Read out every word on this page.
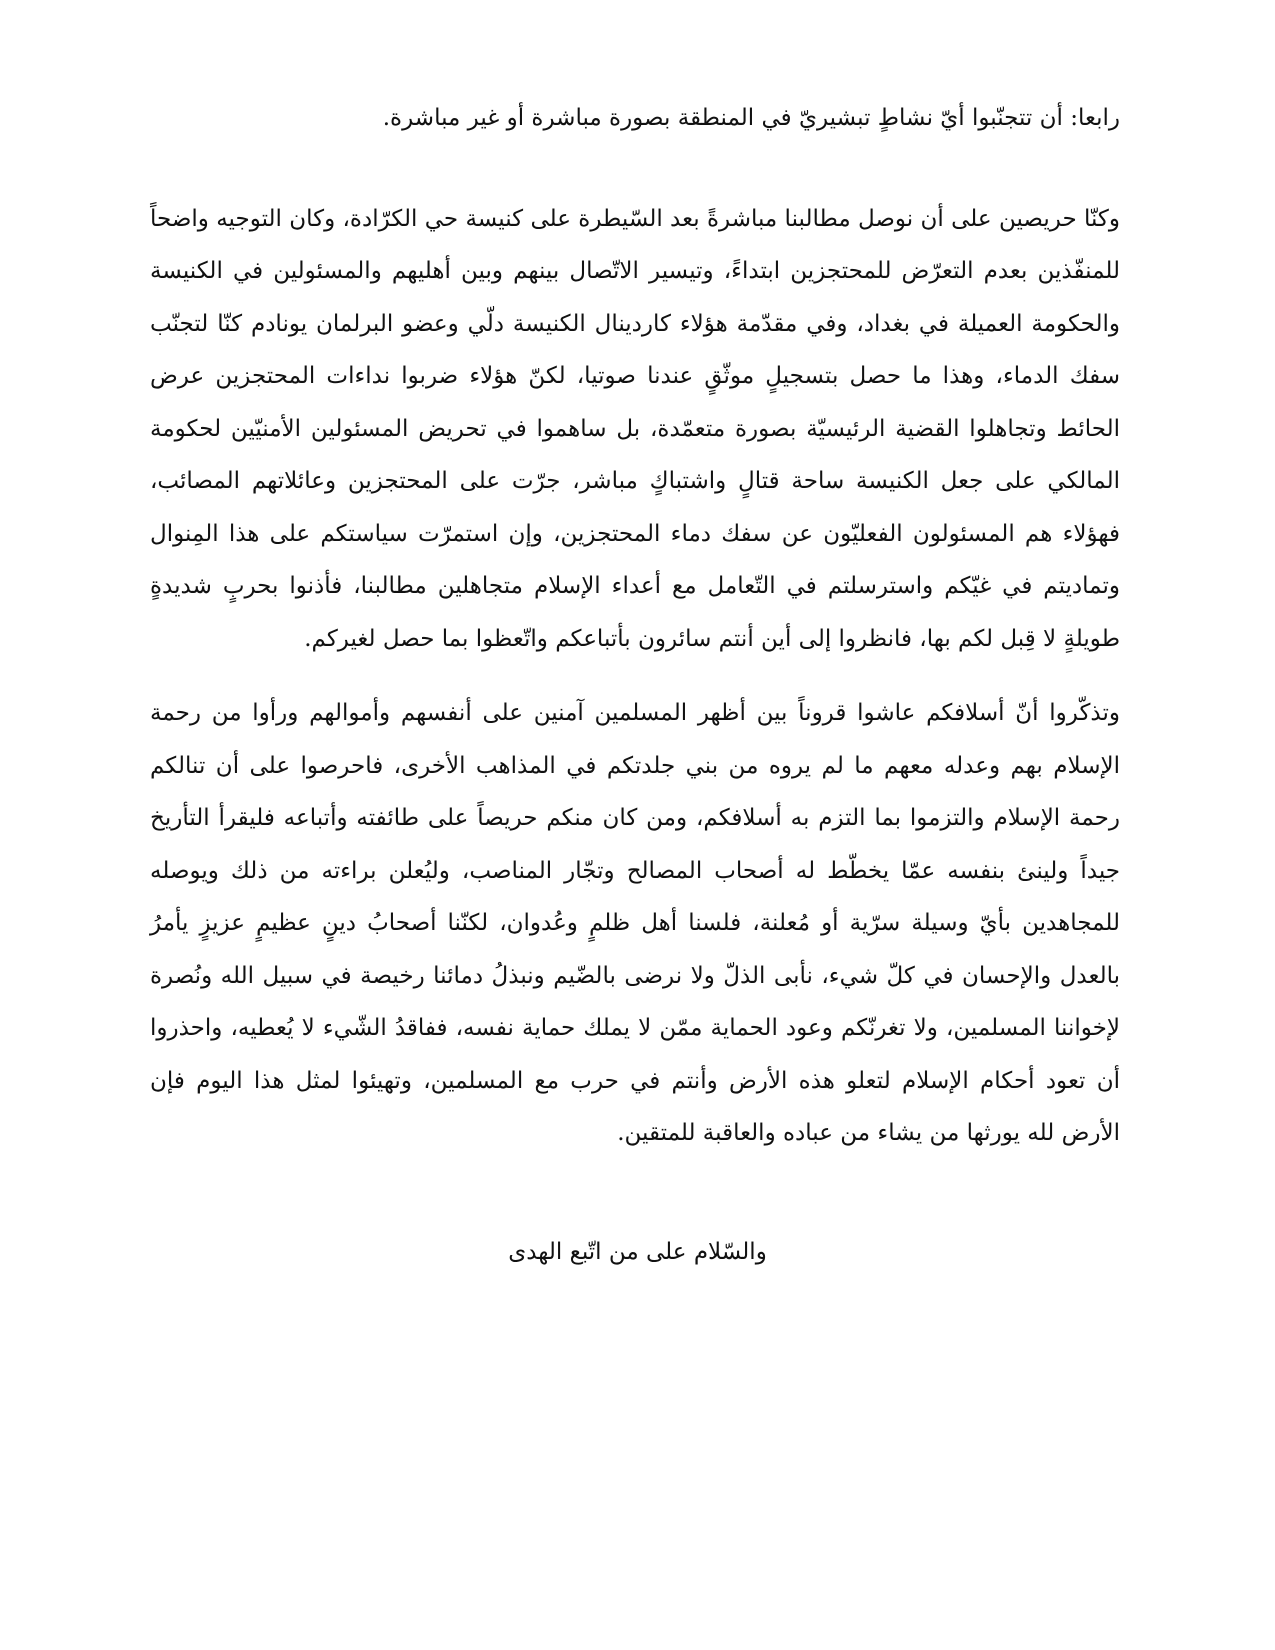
رابعا: أن تتجنّبوا أيّ نشاطٍ تبشيريّ في المنطقة بصورة مباشرة أو غير مباشرة.

وكنّا حريصين على أن نوصل مطالبنا مباشرةً بعد السّيطرة على كنيسة حي الكرّادة، وكان التوجيه واضحاً للمنفّذين بعدم التعرّض للمحتجزين ابتداءً، وتيسير الاتّصال بينهم وبين أهليهم والمسئولين في الكنيسة والحكومة العميلة في بغداد، وفي مقدّمة هؤلاء كاردينال الكنيسة دلّي وعضو البرلمان يونادم كنّا لتجنّب سفك الدماء، وهذا ما حصل بتسجيلٍ موثّقٍ عندنا صوتيا، لكنّ هؤلاء ضربوا نداءات المحتجزين عرض الحائط وتجاهلوا القضية الرئيسيّة بصورة متعمّدة، بل ساهموا في تحريض المسئولين الأمنيّين لحكومة المالكي على جعل الكنيسة ساحة قتالٍ واشتباكٍ مباشر، جرّت على المحتجزين وعائلاتهم المصائب، فهؤلاء هم المسئولون الفعليّون عن سفك دماء المحتجزين، وإن استمرّت سياستكم على هذا المِنوال وتماديتم في غيّكم واسترسلتم في التّعامل مع أعداء الإسلام متجاهلين مطالبنا، فأذنوا بحربٍ شديدةٍ طويلةٍ لا قِبل لكم بها، فانظروا إلى أين أنتم سائرون بأتباعكم واتّعظوا بما حصل لغيركم.

وتذكّروا أنّ أسلافكم عاشوا قروناً بين أظهر المسلمين آمنين على أنفسهم وأموالهم ورأوا من رحمة الإسلام بهم وعدله معهم ما لم يروه من بني جلدتكم في المذاهب الأخرى، فاحرصوا على أن تنالكم رحمة الإسلام والتزموا بما التزم به أسلافكم، ومن كان منكم حريصاً على طائفته وأتباعه فليقرأ التأريخ جيداً ولينئ بنفسه عمّا يخطّط له أصحاب المصالح وتجّار المناصب، وليُعلن براءته من ذلك ويوصله للمجاهدين بأيّ وسيلة سرّية أو مُعلنة، فلسنا أهل ظلمٍ وعُدوان، لكنّنا أصحابُ دينٍ عظيمٍ عزيزٍ يأمرُ بالعدل والإحسان في كلّ شيء، نأبى الذلّ ولا نرضى بالضّيم ونبذلُ دمائنا رخيصة في سبيل الله ونُصرة لإخواننا المسلمين، ولا تغرنّكم وعود الحماية ممّن لا يملك حماية نفسه، ففاقدُ الشّيء لا يُعطيه، واحذروا أن تعود أحكام الإسلام لتعلو هذه الأرض وأنتم في حرب مع المسلمين، وتهيئوا لمثل هذا اليوم فإن الأرض لله يورثها من يشاء من عباده والعاقبة للمتقين.

والسّلام على من اتّبع الهدى
